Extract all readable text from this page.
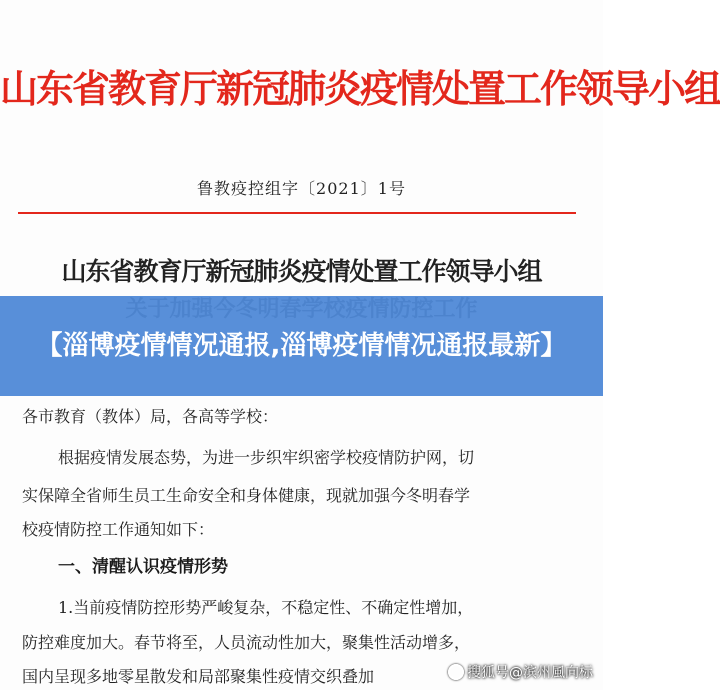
山东省教育厅新冠肺炎疫情处置工作领导小组
鲁教疫控组字〔2021〕1号
山东省教育厅新冠肺炎疫情处置工作领导小组
【淄博疫情情况通报,淄博疫情情况通报最新】
各市教育（教体）局，各高等学校：
根据疫情发展态势，为进一步织牢织密学校疫情防护网，切
实保障全省师生员工生命安全和身体健康，现就加强今冬明春学
校疫情防控工作通知如下：
一、清醒认识疫情形势
1.当前疫情防控形势严峻复杂，不稳定性、不确定性增加，
防控难度加大。春节将至，人员流动性加大，聚集性活动增多，
国内呈现多地零星散发和局部聚集性疫情交织叠加	搜狐号@滨州風向标
